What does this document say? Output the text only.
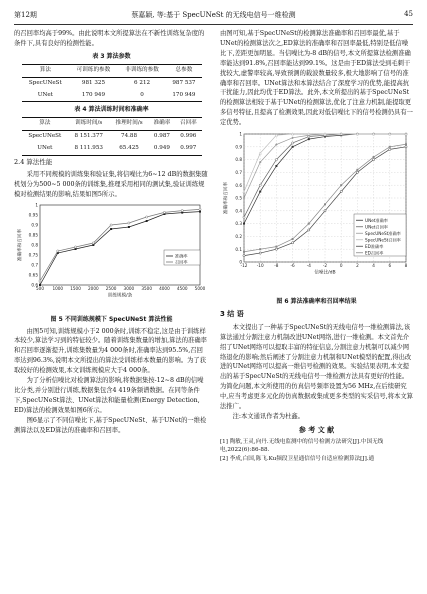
第12期	蔡嘉颖, 等:基于 SpecUNeSt 的无线电信号一维检测	45

的召回率均高于99%。由此说明本文所提算法在不新性训练复杂度的条件下,具有良好的检测性能。

表 3 算法参数
算法	可训练的参数	非训练的参数	总参数
SpecUNeSt	981 325	6 212	987 537
UNet	170 949	0	170 949
表 4 算法训练时间和准确率
算法	训练时间/s	推理时间/s	准确率	召回率
SpecUNeSt	8 151.377	74.88	0.987	0.996
UNet	8 111.953	65.425	0.949	0.997
2.4 算法性能

采用不同规模的训练集和验证集,将信噪比为6~12 dB的数据集随机划分为500~5 000条的训练集,推理采用相同的测试集,验证训练规模对检测结果的影响,结果如图5所示。

0.6
0.65
0.7
0.75
0.8
0.85
0.9
0.95
1
500 1000 1500 2000 2500 3000 3500 4000 4500 5000
训练规模/条
准确率和召回率	准确率
召回率
图 5 不同训练规模下 SpecUNeSt 算法性能

由图5可知,训练规模小于2 000条时,训练不稳定,这是由于训练样本较少,算法学习到的特征较少。随着训练集数量的增加,算法的准确率和召回率逐渐提升,训练集数量为4 000条时,准确率达到95.5%,召回率达到96.3%,说明本文所提出的算法受训练样本数量的影响。为了获取较好的检测效果,本文训练规模应大于4 000条。

为了分析信噪比对检测算法的影响,将数据集按-12~8 dB的信噪比分类,并分别进行训练,数据集包含4 419条频谱数据。在同等条件下,SpecUNeSt算法、UNet算法和能量检测(Energy Detection, ED)算法的检测效果如图6所示。

图6显示了不同信噪比下,基于SpecUNeSt、基于UNet的一维检测算法以及ED算法的准确率和召回率。

由图可知,基于SpecUNeSt的检测算法准确率和召回率最优,基于UNet的检测算法次之,ED算法的准确率和召回率最低,特别是低信噪比下,差距更加明显。当信噪比为-8 dB的信号,本文所提算法检测准确率能达到91.8%,召回率能达到99.1%。这是由于ED算法受到毛刺干扰较大,虚警率较高,导致预测的载波数量较多,极大地影响了信号的准确率和召回率。UNet算法和本算法结合了深度学习的优势,能提高抗干扰能力,因此均优于ED算法。此外,本文所提出的基于SpecUNeSt的检测算法相较于基于UNet的检测算法,优化了注意力机制,能提取更多信号特征,且提高了检测效果,因此对低信噪比下的信号检测仍具有一定优势。

0
0.1
0.2
0.3
0.4
0.5
0.6
0.7
0.8
0.9
1
-12 -10	-8	-6	-4	-2	0	2	4	6	8
信噪比/dB
准确率和召回率
UNet准确率
UNet召回率
SpecUNeSt准确率
SpecUNeSt召回率
ED准确率
ED召回率
图 6 算法准确率和召回率结果
3 结 语

本文提出了一种基于SpecUNeSt的无线电信号一维检测算法,该算法通过分割注意力机制改进UNet网络,进行一维检测。本文首先介绍了UNet网络可以提取丰富的特征信息,分割注意力机制可以减少网络退化的影响;然后阐述了分割注意力机制和UNet模型的配置,得出改进的UNet网络可以提高一维信号检测的效果。实验结果表明,本文提出的基于SpecUNeSt的无线电信号一维检测方法具有更好的性能。为简化问题,本文所使用的仿真信号频率设置为56 MHz,在后续研究中,应当考虑更多元化的仿真数据或集成更多类型的实采信号,将本文算法推广。

注:本文通讯作者为杜鑫。

参 考 文 献
[1] 陶敏,王灵,向丹.无线电监测中的信号检测方法研究[J].中国无线电,2022(6):86-88.
[2] 李成,白国,陈飞.Ku频段卫星通信信号自适应检测算法[J].通
